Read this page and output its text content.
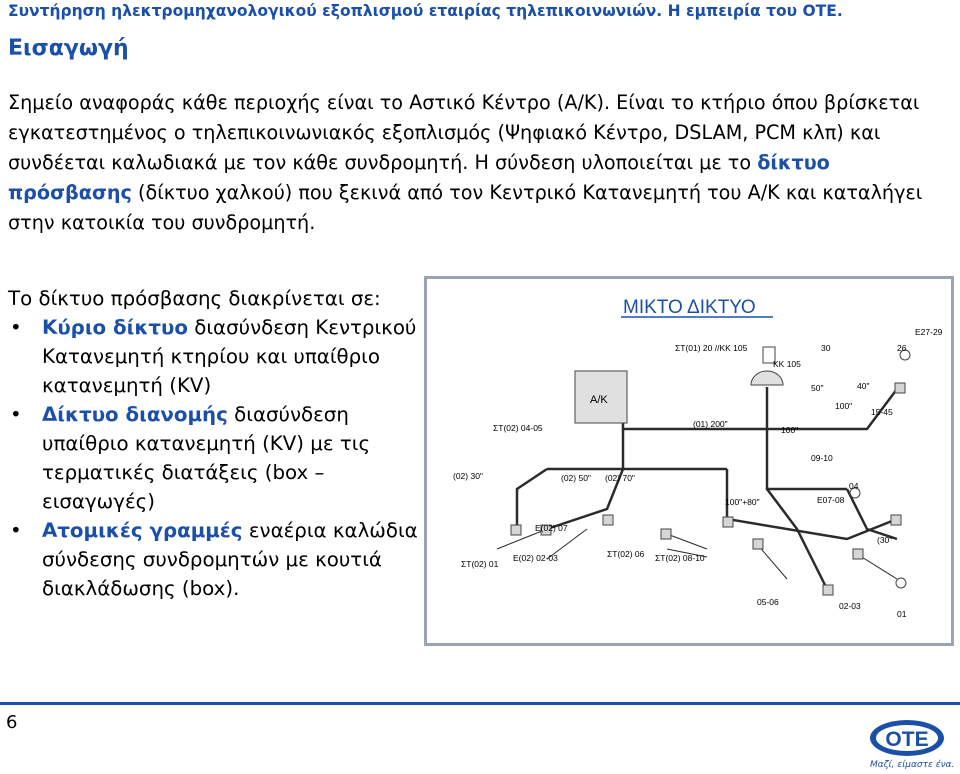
Συντήρηση ηλεκτρομηχανολογικού εξοπλισμού εταιρίας τηλεπικοινωνιών. Η εμπειρία του ΟΤΕ.
Εισαγωγή

Σημείο αναφοράς κάθε περιοχής είναι το Αστικό Κέντρο (Α/Κ). Είναι το κτήριο όπου βρίσκεται εγκατεστημένος ο τηλεπικοινωνιακός εξοπλισμός (Ψηφιακό Κέντρο, DSLAM, PCM κλπ) και συνδέεται καλωδιακά με τον κάθε συνδρομητή. Η σύνδεση υλοποιείται με το δίκτυο πρόσβασης (δίκτυο χαλκού) που ξεκινά από τον Κεντρικό Κατανεμητή του Α/Κ και καταλήγει στην κατοικία του συνδρομητή.

Το δίκτυο πρόσβασης διακρίνεται σε:
• Κύριο δίκτυο διασύνδεση Κεντρικού Κατανεμητή κτηρίου και υπαίθριο κατανεμητή (KV)
• Δίκτυο διανομής διασύνδεση υπαίθριο κατανεμητή (KV) με τις τερματικές διατάξεις (box – εισαγωγές)
• Ατομικές γραμμές εναέρια καλώδια σύνδεσης συνδρομητών με κουτιά διακλάδωσης (box).
ΜΙΚΤΟ ΔΙΚΤΥΟ
Α/Κ
ΣΤ(01) 20 //KK 105
KK 105
30	26
E27-29
50"	40"
100"
15-45
ΣΤ(02) 04-05	(01) 200"
100"
09-10
(02) 30"	(02) 50" (02) 70"
04
100"+80"	E07-08
E(02) 07
E(02) 02-03	ΣΤ(02) 06
ΣΤ(02) 01
ΣΤ(02) 08-10
(30"
05-06	02-03
01
6
ΟΤΕ
Μαζί, είμαστε ένα.
